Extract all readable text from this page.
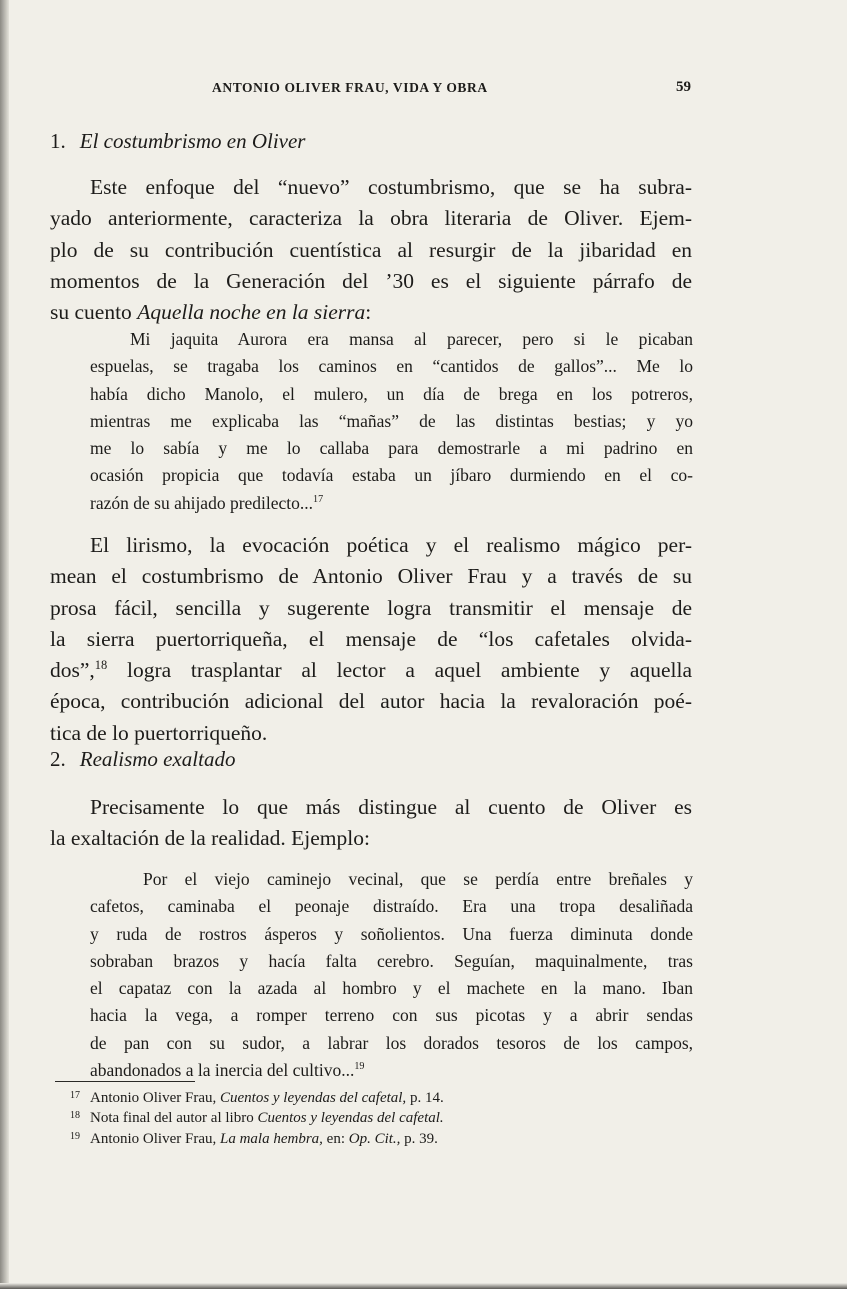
ANTONIO OLIVER FRAU, VIDA Y OBRA	59
1. El costumbrismo en Oliver
Este enfoque del “nuevo” costumbrismo, que se ha subra-
yado anteriormente, caracteriza la obra literaria de Oliver. Ejem-
plo de su contribución cuentística al resurgir de la jibaridad en
momentos de la Generación del ’30 es el siguiente párrafo de
su cuento Aquella noche en la sierra:
Mi jaquita Aurora era mansa al parecer, pero si le picaban
espuelas, se tragaba los caminos en “cantidos de gallos”... Me lo
había dicho Manolo, el mulero, un día de brega en los potreros,
mientras me explicaba las “mañas” de las distintas bestias; y yo
me lo sabía y me lo callaba para demostrarle a mi padrino en
ocasión propicia que todavía estaba un jíbaro durmiendo en el co-
razón de su ahijado predilecto...$^{17}$
El lirismo, la evocación poética y el realismo mágico per-
mean el costumbrismo de Antonio Oliver Frau y a través de su
prosa fácil, sencilla y sugerente logra transmitir el mensaje de
la sierra puertorriqueña, el mensaje de “los cafetales olvida-
dos”,$^{18}$ logra trasplantar al lector a aquel ambiente y aquella
época, contribución adicional del autor hacia la revaloración poé-
tica de lo puertorriqueño.
2. Realismo exaltado
Precisamente lo que más distingue al cuento de Oliver es
la exaltación de la realidad. Ejemplo:
Por el viejo caminejo vecinal, que se perdía entre breñales y
cafetos, caminaba el peonaje distraído. Era una tropa desaliñada
y ruda de rostros ásperos y soñolientos. Una fuerza diminuta donde
sobraban brazos y hacía falta cerebro. Seguían, maquinalmente, tras
el capataz con la azada al hombro y el machete en la mano. Iban
hacia la vega, a romper terreno con sus picotas y a abrir sendas
de pan con su sudor, a labrar los dorados tesoros de los campos,
abandonados a la inercia del cultivo...$^{19}$
17 Antonio Oliver Frau, Cuentos y leyendas del cafetal, p. 14.
18 Nota final del autor al libro Cuentos y leyendas del cafetal.
19 Antonio Oliver Frau, La mala hembra, en: Op. Cit., p. 39.
